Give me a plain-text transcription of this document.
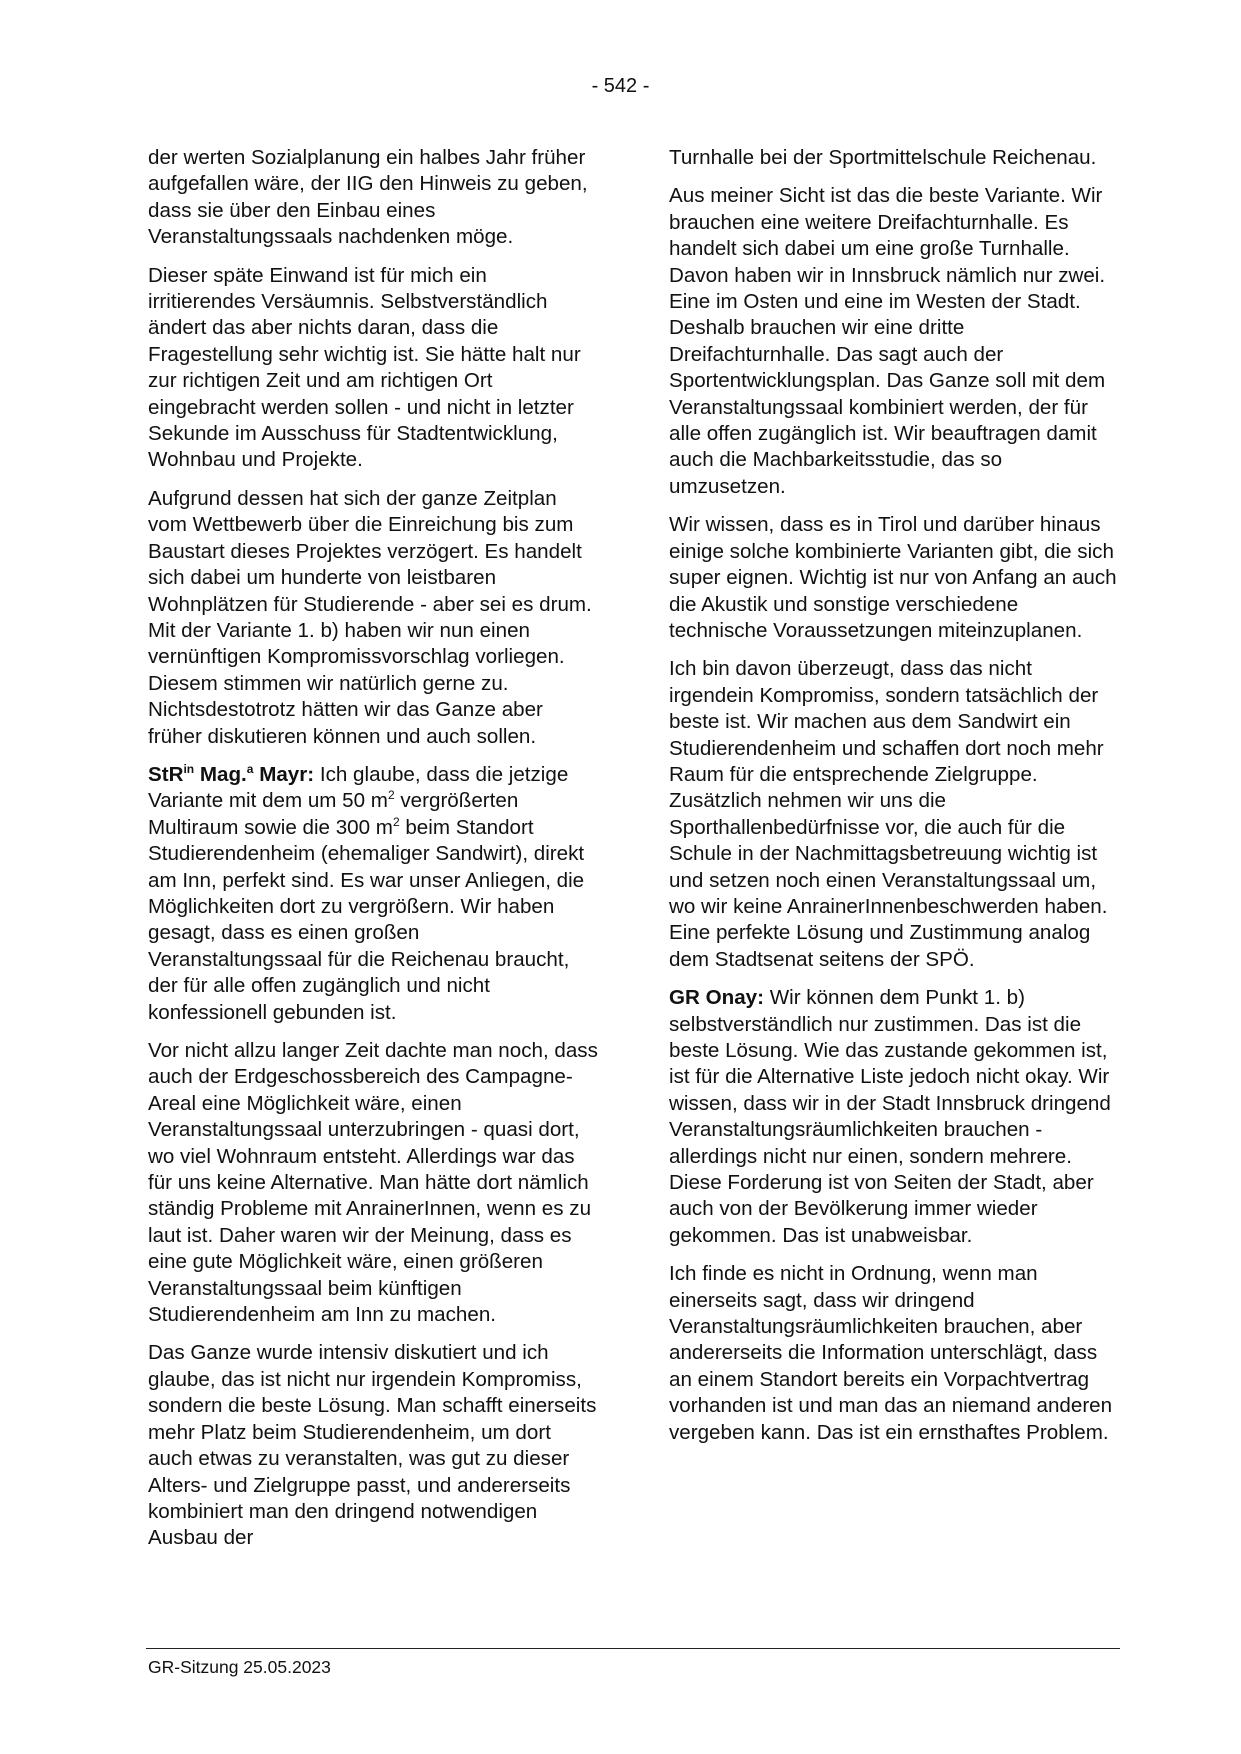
- 542 -

der werten Sozialplanung ein halbes Jahr früher aufgefallen wäre, der IIG den Hinweis zu geben, dass sie über den Einbau eines Veranstaltungssaals nachdenken möge.

Dieser späte Einwand ist für mich ein irritierendes Versäumnis. Selbstverständlich ändert das aber nichts daran, dass die Fragestellung sehr wichtig ist. Sie hätte halt nur zur richtigen Zeit und am richtigen Ort eingebracht werden sollen - und nicht in letzter Sekunde im Ausschuss für Stadtentwicklung, Wohnbau und Projekte.

Aufgrund dessen hat sich der ganze Zeitplan vom Wettbewerb über die Einreichung bis zum Baustart dieses Projektes verzögert. Es handelt sich dabei um hunderte von leistbaren Wohnplätzen für Studierende - aber sei es drum. Mit der Variante 1. b) haben wir nun einen vernünftigen Kompromissvorschlag vorliegen. Diesem stimmen wir natürlich gerne zu. Nichtsdestotrotz hätten wir das Ganze aber früher diskutieren können und auch sollen.

StR$^{in}$ Mag.$^a$ Mayr: Ich glaube, dass die jetzige Variante mit dem um 50 $m^2$ vergrößerten Multiraum sowie die 300 $m^2$ beim Standort Studierendenheim (ehemaliger Sandwirt), direkt am Inn, perfekt sind. Es war unser Anliegen, die Möglichkeiten dort zu vergrößern. Wir haben gesagt, dass es einen großen Veranstaltungssaal für die Reichenau braucht, der für alle offen zugänglich und nicht konfessionell gebunden ist.

Vor nicht allzu langer Zeit dachte man noch, dass auch der Erdgeschossbereich des Campagne-Areal eine Möglichkeit wäre, einen Veranstaltungssaal unterzubringen - quasi dort, wo viel Wohnraum entsteht. Allerdings war das für uns keine Alternative. Man hätte dort nämlich ständig Probleme mit AnrainerInnen, wenn es zu laut ist. Daher waren wir der Meinung, dass es eine gute Möglichkeit wäre, einen größeren Veranstaltungssaal beim künftigen Studierendenheim am Inn zu machen.

Das Ganze wurde intensiv diskutiert und ich glaube, das ist nicht nur irgendein Kompromiss, sondern die beste Lösung. Man schafft einerseits mehr Platz beim Studierendenheim, um dort auch etwas zu veranstalten, was gut zu dieser Alters- und Zielgruppe passt, und andererseits kombiniert man den dringend notwendigen Ausbau der

Turnhalle bei der Sportmittelschule Reichenau.

Aus meiner Sicht ist das die beste Variante. Wir brauchen eine weitere Dreifachturnhalle. Es handelt sich dabei um eine große Turnhalle. Davon haben wir in Innsbruck nämlich nur zwei. Eine im Osten und eine im Westen der Stadt. Deshalb brauchen wir eine dritte Dreifachturnhalle. Das sagt auch der Sportentwicklungsplan. Das Ganze soll mit dem Veranstaltungssaal kombiniert werden, der für alle offen zugänglich ist. Wir beauftragen damit auch die Machbarkeitsstudie, das so umzusetzen.

Wir wissen, dass es in Tirol und darüber hinaus einige solche kombinierte Varianten gibt, die sich super eignen. Wichtig ist nur von Anfang an auch die Akustik und sonstige verschiedene technische Voraussetzungen miteinzuplanen.

Ich bin davon überzeugt, dass das nicht irgendein Kompromiss, sondern tatsächlich der beste ist. Wir machen aus dem Sandwirt ein Studierendenheim und schaffen dort noch mehr Raum für die entsprechende Zielgruppe. Zusätzlich nehmen wir uns die Sporthallenbedürfnisse vor, die auch für die Schule in der Nachmittagsbetreuung wichtig ist und setzen noch einen Veranstaltungssaal um, wo wir keine AnrainerInnenbeschwerden haben. Eine perfekte Lösung und Zustimmung analog dem Stadtsenat seitens der SPÖ.

GR Onay: Wir können dem Punkt 1. b) selbstverständlich nur zustimmen. Das ist die beste Lösung. Wie das zustande gekommen ist, ist für die Alternative Liste jedoch nicht okay. Wir wissen, dass wir in der Stadt Innsbruck dringend Veranstaltungsräumlichkeiten brauchen - allerdings nicht nur einen, sondern mehrere. Diese Forderung ist von Seiten der Stadt, aber auch von der Bevölkerung immer wieder gekommen. Das ist unabweisbar.

Ich finde es nicht in Ordnung, wenn man einerseits sagt, dass wir dringend Veranstaltungsräumlichkeiten brauchen, aber andererseits die Information unterschlägt, dass an einem Standort bereits ein Vorpachtvertrag vorhanden ist und man das an niemand anderen vergeben kann. Das ist ein ernsthaftes Problem.

GR-Sitzung 25.05.2023
